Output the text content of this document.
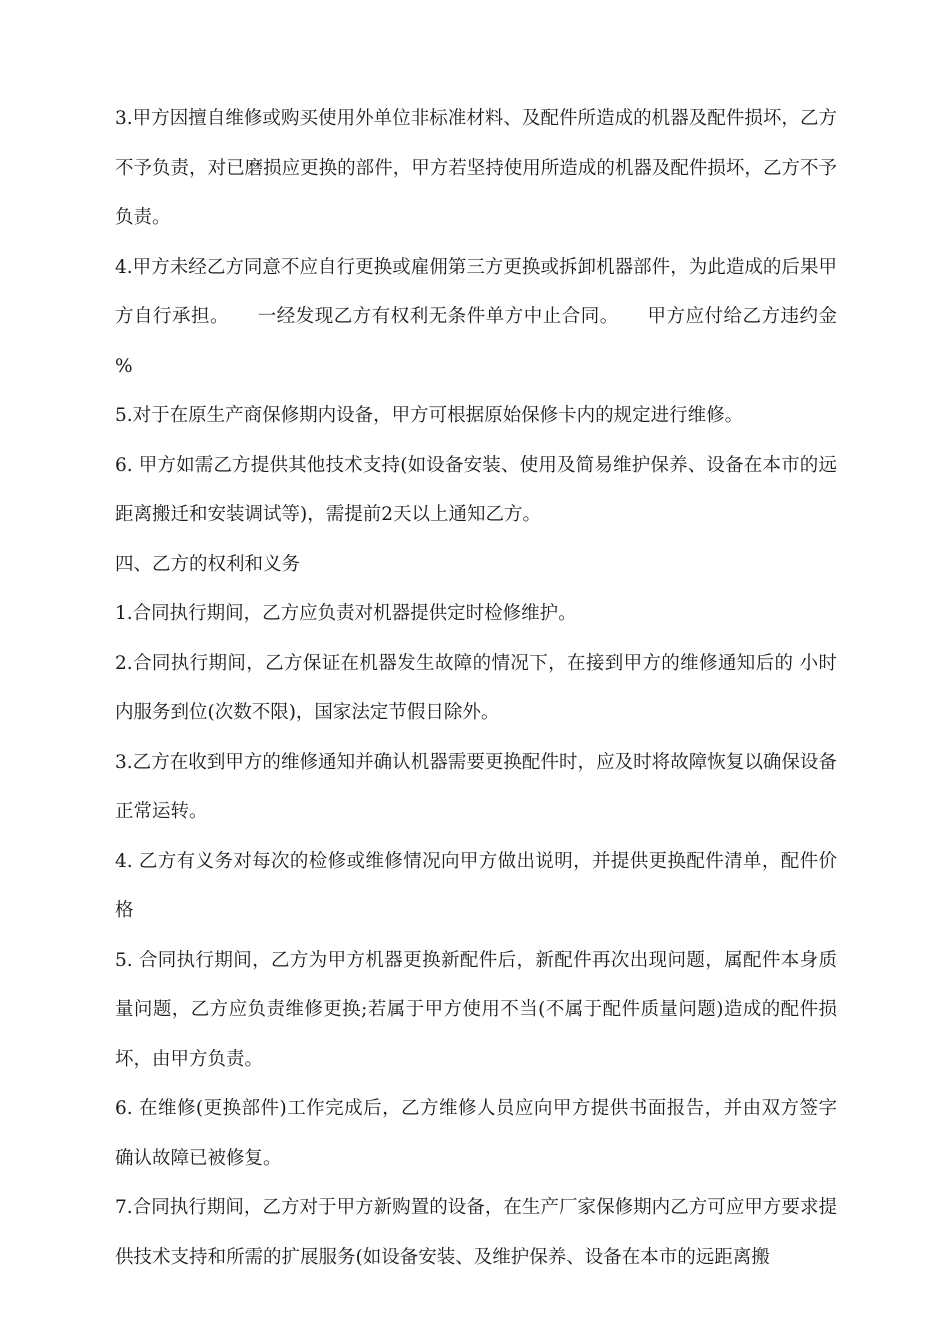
3.甲方因擅自维修或购买使用外单位非标准材料、及配件所造成的机器及配件损坏，乙方不予负责，对已磨损应更换的部件，甲方若坚持使用所造成的机器及配件损坏，乙方不予负责。

4.甲方未经乙方同意不应自行更换或雇佣第三方更换或拆卸机器部件，为此造成的后果甲方自行承担。　　一经发现乙方有权利无条件单方中止合同。　　甲方应付给乙方违约金 %

5.对于在原生产商保修期内设备，甲方可根据原始保修卡内的规定进行维修。

6. 甲方如需乙方提供其他技术支持(如设备安装、使用及简易维护保养、设备在本市的远距离搬迁和安装调试等)，需提前2天以上通知乙方。

四、乙方的权利和义务

1.合同执行期间，乙方应负责对机器提供定时检修维护。

2.合同执行期间，乙方保证在机器发生故障的情况下，在接到甲方的维修通知后的 小时内服务到位(次数不限)，国家法定节假日除外。

3.乙方在收到甲方的维修通知并确认机器需要更换配件时，应及时将故障恢复以确保设备正常运转。

4. 乙方有义务对每次的检修或维修情况向甲方做出说明，并提供更换配件清单，配件价格

5. 合同执行期间，乙方为甲方机器更换新配件后，新配件再次出现问题，属配件本身质量问题，乙方应负责维修更换;若属于甲方使用不当(不属于配件质量问题)造成的配件损坏，由甲方负责。

6. 在维修(更换部件)工作完成后，乙方维修人员应向甲方提供书面报告，并由双方签字确认故障已被修复。

7.合同执行期间，乙方对于甲方新购置的设备，在生产厂家保修期内乙方可应甲方要求提供技术支持和所需的扩展服务(如设备安装、及维护保养、设备在本市的远距离搬
